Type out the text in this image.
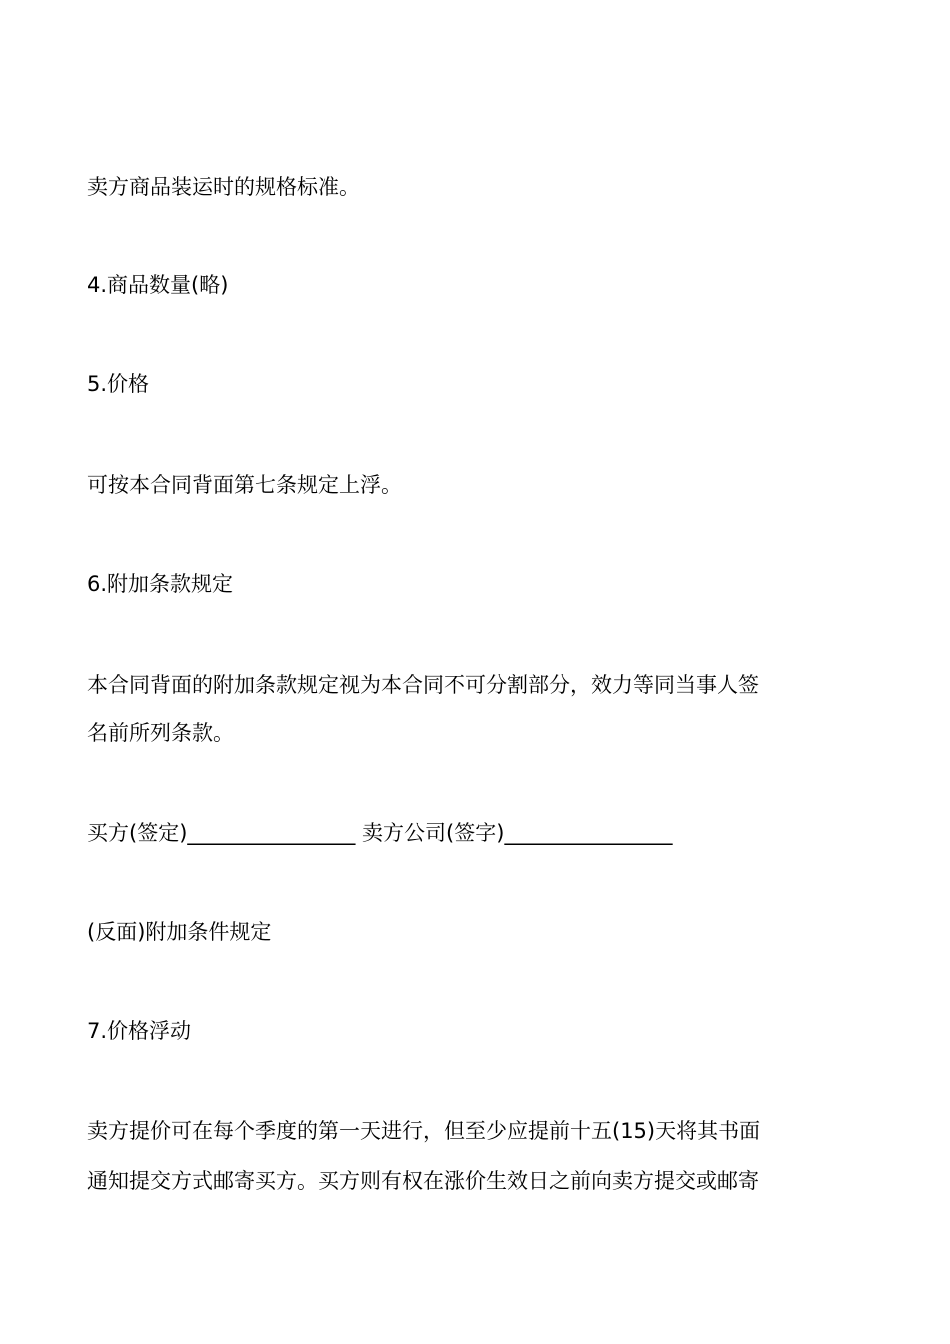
卖方商品装运时的规格标准。

4.商品数量(略)

5.价格

可按本合同背面第七条规定上浮。

6.附加条款规定

本合同背面的附加条款规定视为本合同不可分割部分，效力等同当事人签

名前所列条款。

买方(签定)________________ 卖方公司(签字)________________

(反面)附加条件规定

7.价格浮动

卖方提价可在每个季度的第一天进行，但至少应提前十五(15)天将其书面

通知提交方式邮寄买方。买方则有权在涨价生效日之前向卖方提交或邮寄
